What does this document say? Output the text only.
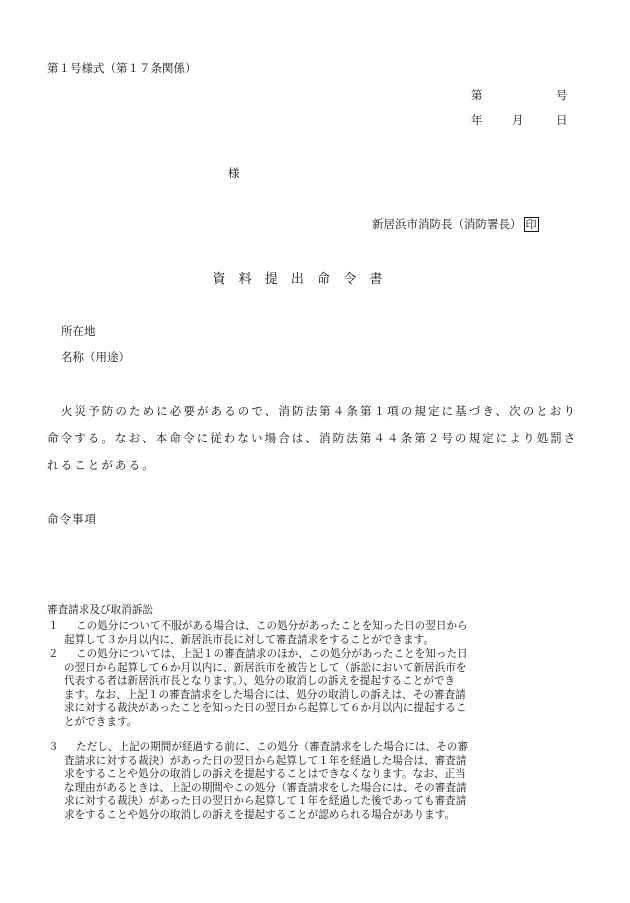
第１号様式（第１７条関係）
第	号
年	月	日
様
新居浜市消防長（消防署長） 印
資 料 提 出 命 令 書
所在地
名称（用途）
火災予防のために必要があるので、消防法第４条第１項の規定に基づき、次のとおり
命令する。なお、本命令に従わない場合は、消防法第４４条第２号の規定により処罰さ
れることがある。
命令事項
審査請求及び取消訴訟
１ この処分について不服がある場合は、この処分があったことを知った日の翌日から
起算して３か月以内に、新居浜市長に対して審査請求をすることができます。
２ この処分については、上記１の審査請求のほか、この処分があったことを知った日
の翌日から起算して６か月以内に、新居浜市を被告として（訴訟において新居浜市を
代表する者は新居浜市長となります。）、処分の取消しの訴えを提起することができ
ます。なお、上記１の審査請求をした場合には、処分の取消しの訴えは、その審査請
求に対する裁決があったことを知った日の翌日から起算して６か月以内に提起するこ
とができます。
３ ただし、上記の期間が経過する前に、この処分（審査請求をした場合には、その審
査請求に対する裁決）があった日の翌日から起算して１年を経過した場合は、審査請
求をすることや処分の取消しの訴えを提起することはできなくなります。なお、正当
な理由があるときは、上記の期間やこの処分（審査請求をした場合には、その審査請
求に対する裁決）があった日の翌日から起算して１年を経過した後であっても審査請
求をすることや処分の取消しの訴えを提起することが認められる場合があります。
